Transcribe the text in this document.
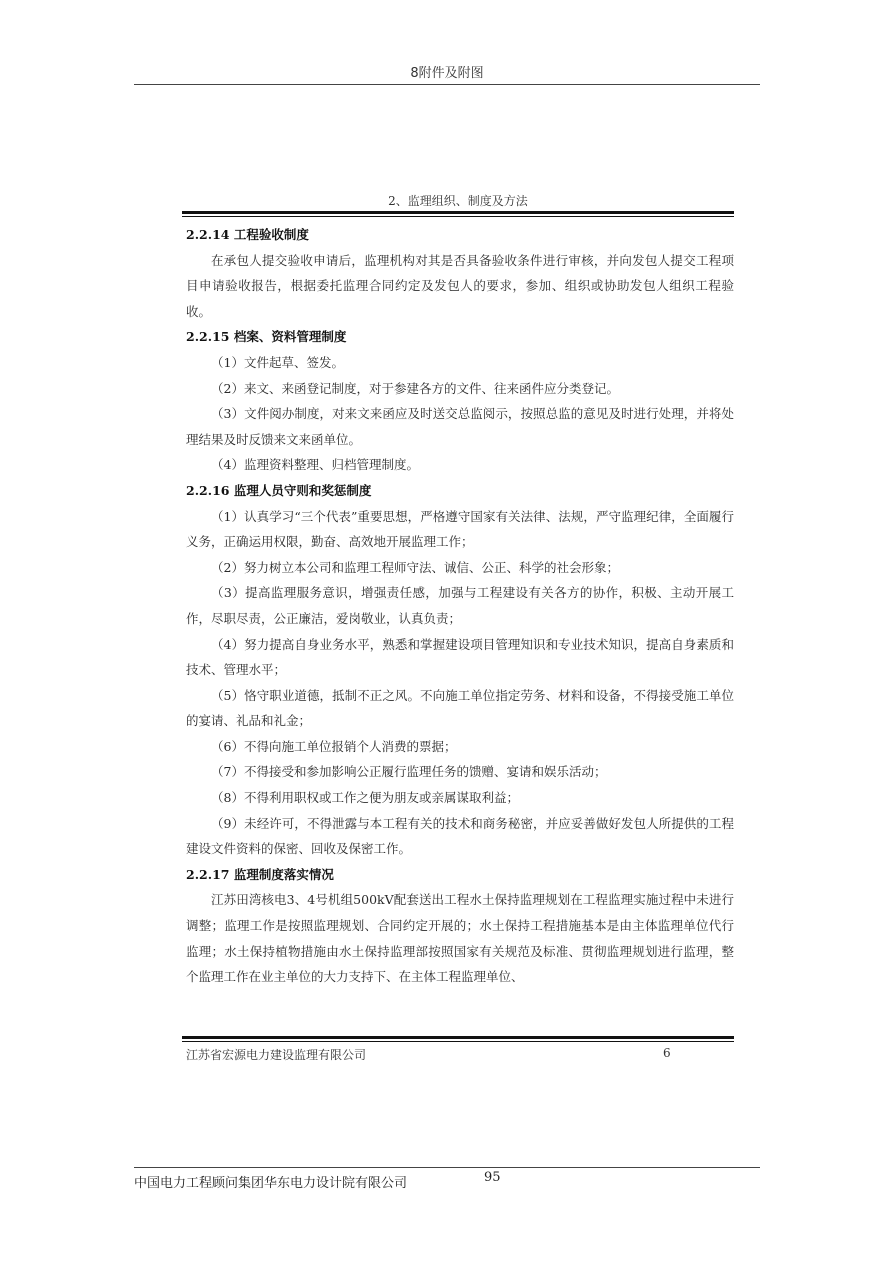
8附件及附图
2、监理组织、制度及方法
2.2.14 工程验收制度
在承包人提交验收申请后，监理机构对其是否具备验收条件进行审核，并向发包人提交工程项目申请验收报告，根据委托监理合同约定及发包人的要求，参加、组织或协助发包人组织工程验收。
2.2.15 档案、资料管理制度
（1）文件起草、签发。
（2）来文、来函登记制度，对于参建各方的文件、往来函件应分类登记。
（3）文件阅办制度，对来文来函应及时送交总监阅示，按照总监的意见及时进行处理，并将处理结果及时反馈来文来函单位。
（4）监理资料整理、归档管理制度。
2.2.16 监理人员守则和奖惩制度
（1）认真学习“三个代表”重要思想，严格遵守国家有关法律、法规，严守监理纪律，全面履行义务，正确运用权限，勤奋、高效地开展监理工作；
（2）努力树立本公司和监理工程师守法、诚信、公正、科学的社会形象；
（3）提高监理服务意识，增强责任感，加强与工程建设有关各方的协作，积极、主动开展工作，尽职尽责，公正廉洁，爱岗敬业，认真负责；
（4）努力提高自身业务水平，熟悉和掌握建设项目管理知识和专业技术知识，提高自身素质和技术、管理水平；
（5）恪守职业道德，抵制不正之风。不向施工单位指定劳务、材料和设备，不得接受施工单位的宴请、礼品和礼金；
（6）不得向施工单位报销个人消费的票据；
（7）不得接受和参加影响公正履行监理任务的馈赠、宴请和娱乐活动；
（8）不得利用职权或工作之便为朋友或亲属谋取利益；
（9）未经许可，不得泄露与本工程有关的技术和商务秘密，并应妥善做好发包人所提供的工程建设文件资料的保密、回收及保密工作。
2.2.17 监理制度落实情况
江苏田湾核电3、4号机组500kV配套送出工程水土保持监理规划在工程监理实施过程中未进行调整；监理工作是按照监理规划、合同约定开展的；水土保持工程措施基本是由主体监理单位代行监理；水土保持植物措施由水土保持监理部按照国家有关规范及标准、贯彻监理规划进行监理，整个监理工作在业主单位的大力支持下、在主体工程监理单位、
江苏省宏源电力建设监理有限公司	6
中国电力工程顾问集团华东电力设计院有限公司	95
